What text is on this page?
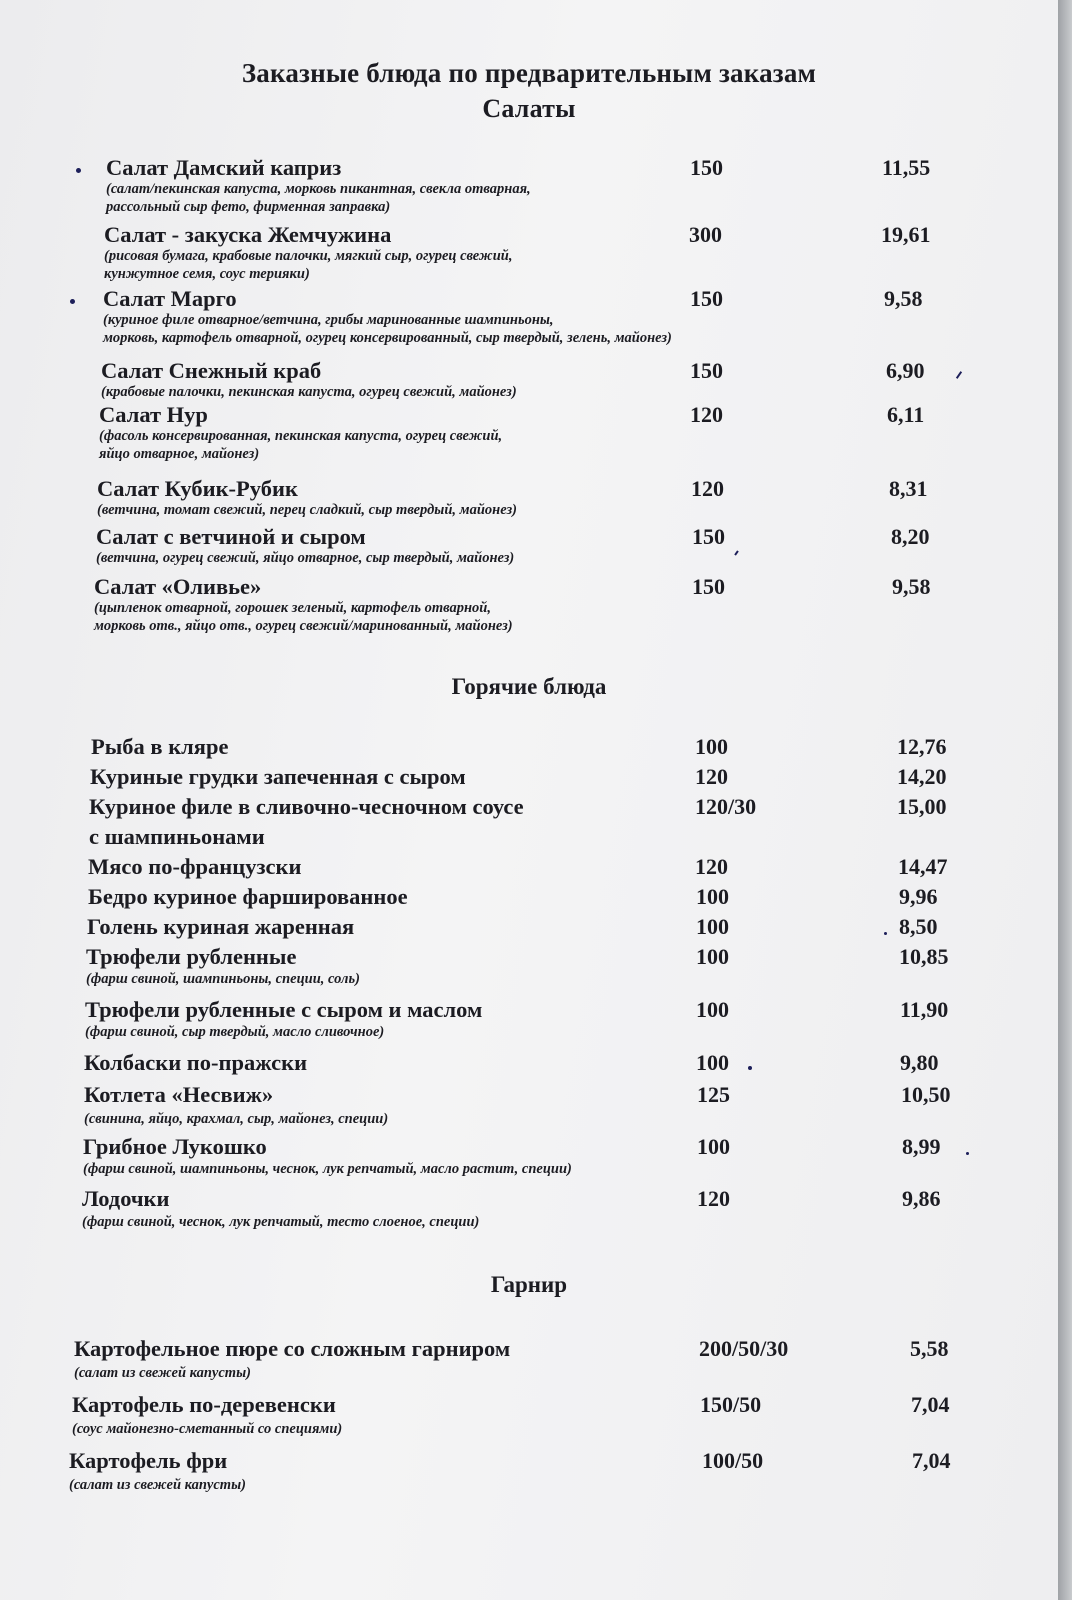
Заказные блюда по предварительным заказам
Салаты
Салат Дамский каприз
(салат/пекинская капуста, морковь пикантная, свекла отварная,
рассольный сыр фето, фирменная заправка)
150	11,55
Салат - закуска Жемчужина
(рисовая бумага, крабовые палочки, мягкий сыр, огурец свежий,
кунжутное семя, соус терияки)
300	19,61
Салат Марго
(куриное филе отварное/ветчина, грибы маринованные шампиньоны,
морковь, картофель отварной, огурец консервированный, сыр твердый, зелень, майонез)
150	9,58
Салат Снежный краб
(крабовые палочки, пекинская капуста, огурец свежий, майонез)
150	6,90
Салат Нур
(фасоль консервированная, пекинская капуста, огурец свежий,
яйцо отварное, майонез)
120	6,11
Салат Кубик-Рубик
(ветчина, томат свежий, перец сладкий, сыр твердый, майонез)
120	8,31
Салат с ветчиной и сыром
(ветчина, огурец свежий, яйцо отварное, сыр твердый, майонез)
150	8,20
Салат «Оливье»
(цыпленок отварной, горошек зеленый, картофель отварной,
морковь отв., яйцо отв., огурец свежий/маринованный, майонез)
150	9,58
Горячие блюда
Рыба в кляре	100	12,76
Куриные грудки запеченная с сыром	120	14,20
Куриное филе в сливочно-чесночном соусе
с шампиньонами
120/30	15,00
Мясо по-французски	120	14,47
Бедро куриное фаршированное	100	9,96
Голень куриная жаренная	100	8,50
Трюфели рубленные
(фарш свиной, шампиньоны, специи, соль)
100	10,85
Трюфели рубленные с сыром и маслом
(фарш свиной, сыр твердый, масло сливочное)
100	11,90
Колбаски по-пражски	100	9,80
Котлета «Несвиж»
(свинина, яйцо, крахмал, сыр, майонез, специи)
125	10,50
Грибное Лукошко
(фарш свиной, шампиньоны, чеснок, лук репчатый, масло растит, специи)
100	8,99
Лодочки
(фарш свиной, чеснок, лук репчатый, тесто слоеное, специи)
120	9,86
Гарнир
Картофельное пюре со сложным гарниром
(салат из свежей капусты)
200/50/30	5,58
Картофель по-деревенски
(соус майонезно-сметанный со специями)
150/50	7,04
Картофель фри
(салат из свежей капусты)
100/50	7,04
